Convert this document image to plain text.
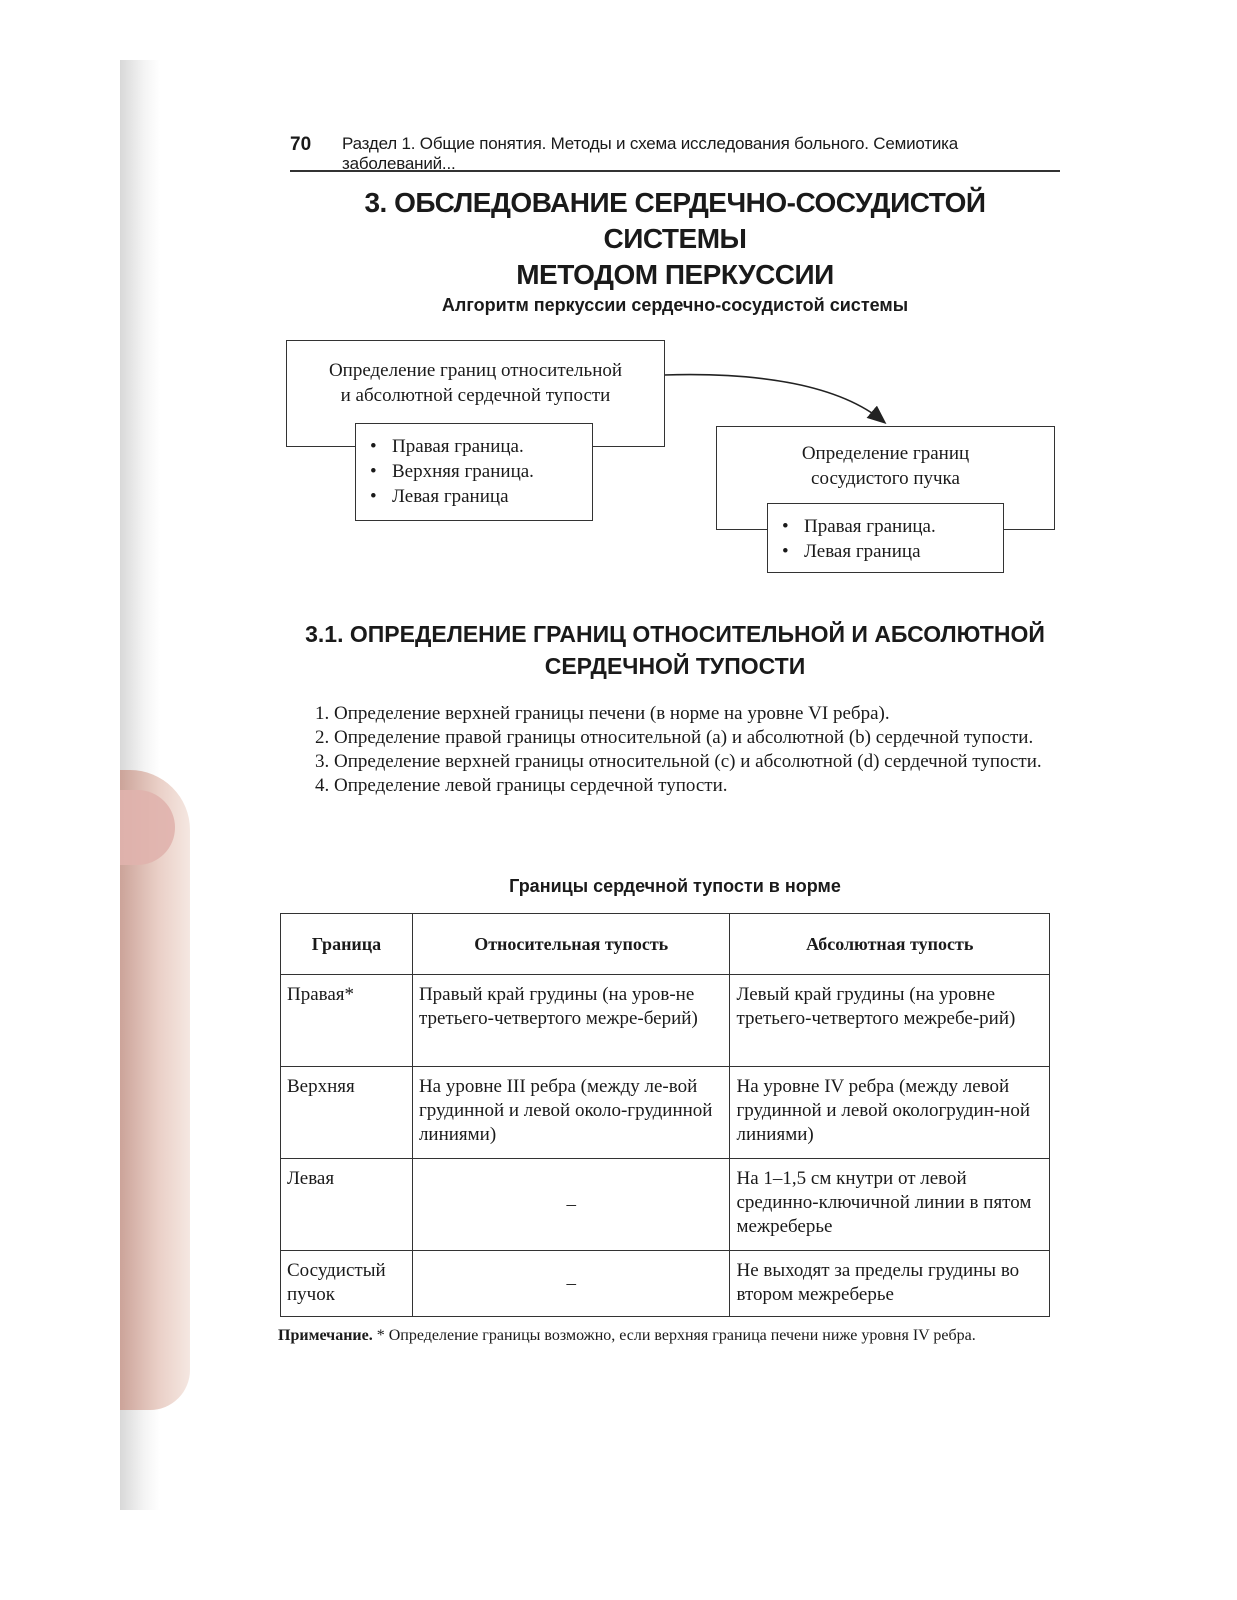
70 Раздел 1. Общие понятия. Методы и схема исследования больного. Семиотика заболеваний...
3. ОБСЛЕДОВАНИЕ СЕРДЕЧНО-СОСУДИСТОЙ СИСТЕМЫ
МЕТОДОМ ПЕРКУССИИ
Алгоритм перкуссии сердечно-сосудистой системы
Определение границ относительной
и абсолютной сердечной тупости
• Правая граница.
• Верхняя граница.
• Левая граница
Определение границ
сосудистого пучка
• Правая граница.
• Левая граница
3.1. ОПРЕДЕЛЕНИЕ ГРАНИЦ ОТНОСИТЕЛЬНОЙ И АБСОЛЮТНОЙ
СЕРДЕЧНОЙ ТУПОСТИ

1. Определение верхней границы печени (в норме на уровне VI ребра).

2. Определение правой границы относительной (а) и абсолютной (b) сердечной тупости.

3. Определение верхней границы относительной (с) и абсолютной (d) сердечной тупости.

4. Определение левой границы сердечной тупости.

Границы сердечной тупости в норме
Граница	Относительная тупость	Абсолютная тупость
Правая*	Правый край грудины (на уров-не третьего-четвертого межре-берий)	Левый край грудины (на уровне третьего-четвертого межребе-рий)
Верхняя	На уровне III ребра (между ле-вой грудинной и левой около-грудинной линиями)	На уровне IV ребра (между левой грудинной и левой окологрудин-ной линиями)
Левая	–	На 1–1,5 см кнутри от левой срединно-ключичной линии в пятом межреберье
Сосудистый пучок	–	Не выходят за пределы грудины во втором межреберье
Примечание. * Определение границы возможно, если верхняя граница печени ниже уровня IV ребра.
